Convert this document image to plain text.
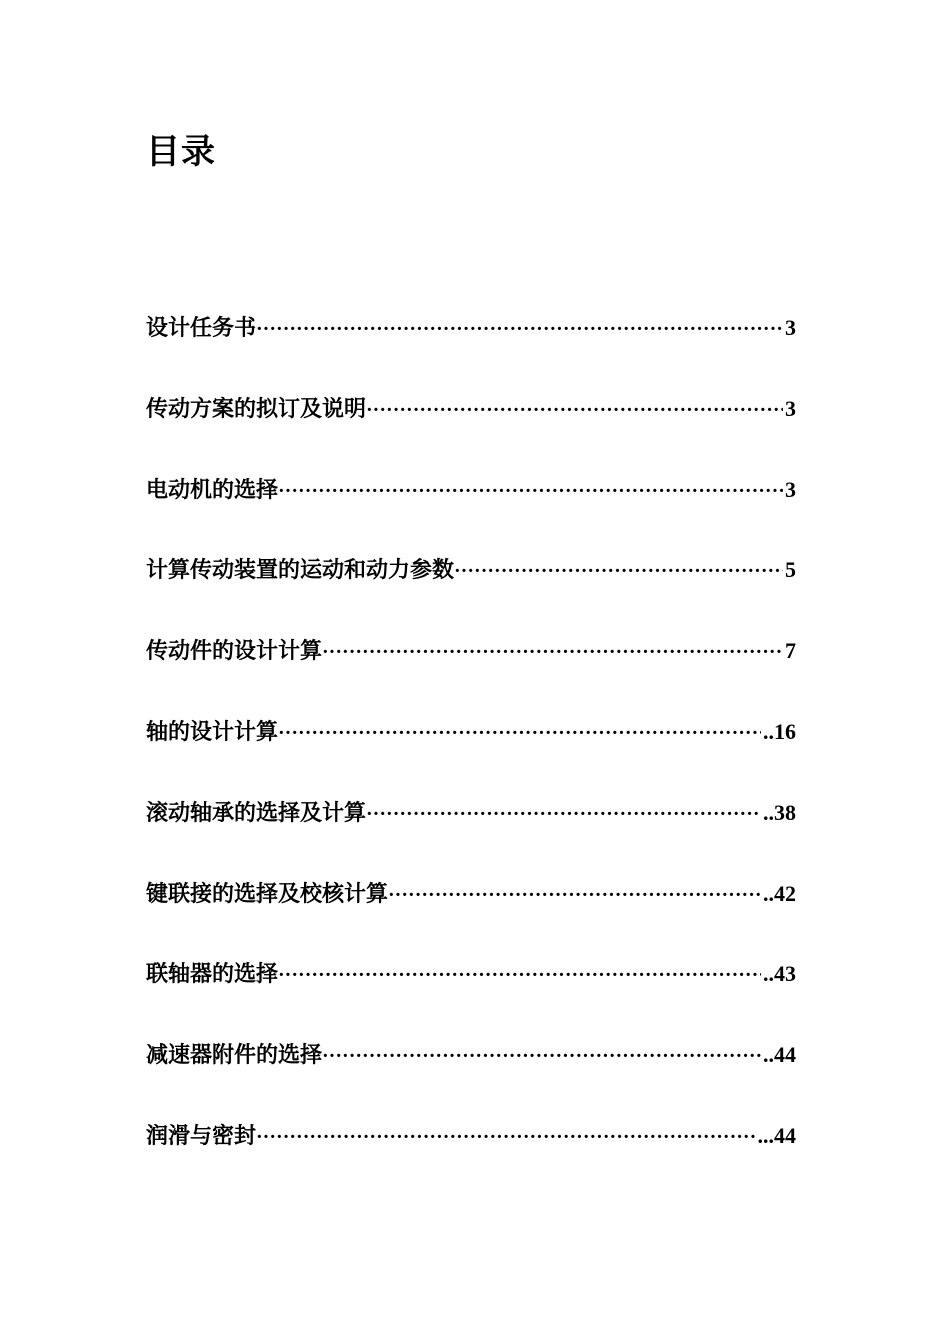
目录
设计任务书 ·····	3
传动方案的拟订及说明 ·····	3
电动机的选择 ·····	3
计算传动装置的运动和动力参数 ·····	5
传动件的设计计算 ·····	7
轴的设计计算 ·····	..16
滚动轴承的选择及计算 ·····	..38
键联接的选择及校核计算 ·····	..42
联轴器的选择 ·····	..43
减速器附件的选择 ·····	..44
润滑与密封 ·····	...44
